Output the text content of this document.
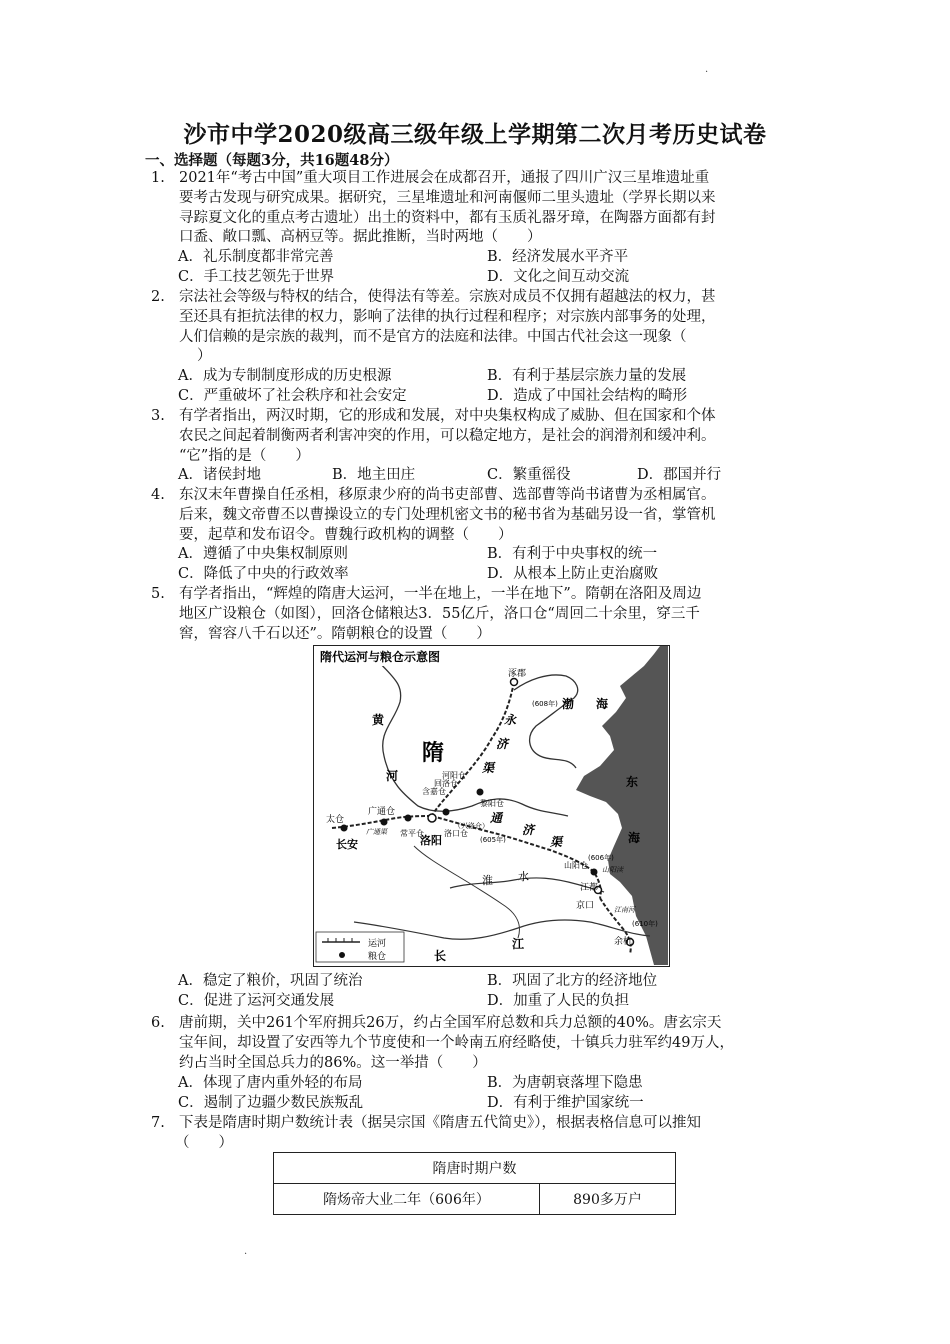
.
沙市中学2020级高三级年级上学期第二次月考历史试卷
一、选择题（每题3分，共16题48分）
1. 2021年“考古中国”重大项目工作进展会在成都召开，通报了四川广汉三星堆遗址重
要考古发现与研究成果。据研究，三星堆遗址和河南偃师二里头遗址（学界长期以来
寻踪夏文化的重点考古遗址）出土的资料中，都有玉质礼器牙璋，在陶器方面都有封
口盉、敞口瓢、高柄豆等。据此推断，当时两地（　　）
A．礼乐制度都非常完善	B．经济发展水平齐平
C．手工技艺领先于世界	D．文化之间互动交流
2. 宗法社会等级与特权的结合，使得法有等差。宗族对成员不仅拥有超越法的权力，甚
至还具有拒抗法律的权力，影响了法律的执行过程和程序；对宗族内部事务的处理，
人们信赖的是宗族的裁判，而不是官方的法庭和法律。中国古代社会这一现象（
）
A．成为专制制度形成的历史根源	B．有利于基层宗族力量的发展
C．严重破坏了社会秩序和社会安定	D．造成了中国社会结构的畸形
3. 有学者指出，两汉时期，它的形成和发展，对中央集权构成了威胁、但在国家和个体
农民之间起着制衡两者利害冲突的作用，可以稳定地方，是社会的润滑剂和缓冲利。
“它”指的是（　　）
A．诸侯封地	B．地主田庄	C．繁重徭役	D．郡国并行
4. 东汉末年曹操自任丞相，移原隶少府的尚书吏部曹、选部曹等尚书诸曹为丞相属官。
后来，魏文帝曹丕以曹操设立的专门处理机密文书的秘书省为基础另设一省，掌管机
要，起草和发布诏令。曹魏行政机构的调整（　　）
A．遵循了中央集权制原则	B．有利于中央事权的统一
C．降低了中央的行政效率	D．从根本上防止吏治腐败
5. 有学者指出，“辉煌的隋唐大运河，一半在地上，一半在地下”。隋朝在洛阳及周边
地区广设粮仓（如图），回洛仓储粮达3．55亿斤，洛口仓“周回二十余里，穿三千
窖，窖容八千石以还”。隋朝粮仓的设置（　　）
隋代运河与粮仓示意图
隋
黄
河
渤 海
东
海
永
济
渠
通
济
渠
淮 水
长
江
涿郡
长安	洛阳
太仓
广通仓
广通渠 常平仓
含嘉仓
回洛仓
河阳仓
黎阳仓
洛口仓
（兴洛仓）
(605年)
(608年)
山阳仓 山阳渎
(606年)
江都
京口	江南河
(610年)
余杭
运河
粮仓
A．稳定了粮价，巩固了统治	B．巩固了北方的经济地位
C．促进了运河交通发展	D．加重了人民的负担
6. 唐前期，关中261个军府拥兵26万，约占全国军府总数和兵力总额的40%。唐玄宗天
宝年间，却设置了安西等九个节度使和一个岭南五府经略使，十镇兵力驻军约49万人，
约占当时全国总兵力的86%。这一举措（　　）
A．体现了唐内重外轻的布局	B．为唐朝衰落埋下隐患
C．遏制了边疆少数民族叛乱	D．有利于维护国家统一
7. 下表是隋唐时期户数统计表（据吴宗国《隋唐五代简史》），根据表格信息可以推知
（　　）
隋唐时期户数
隋炀帝大业二年（606年）	890多万户
.
